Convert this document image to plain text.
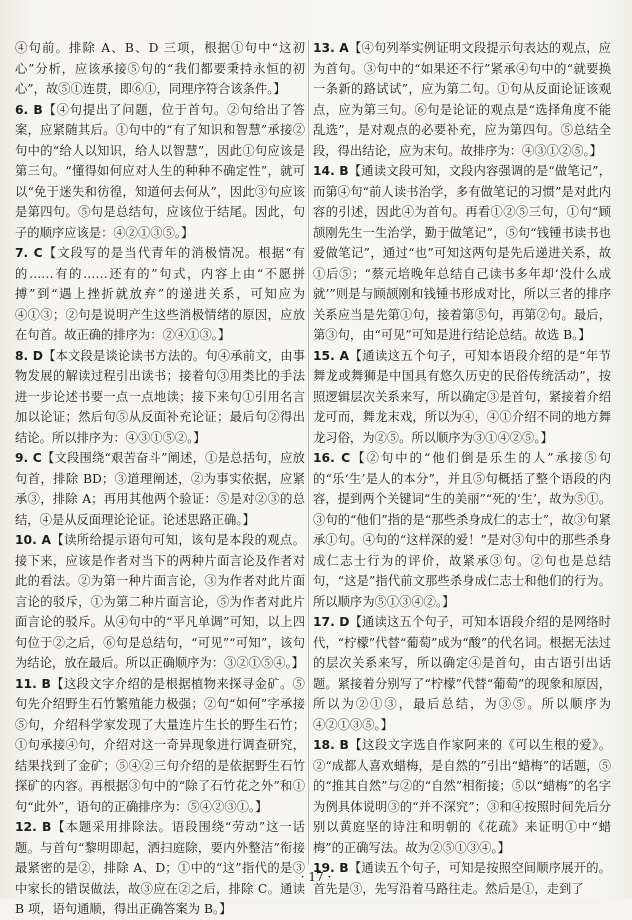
④句前。排除 A、B、D 三项，根据①句中“这初心”分析，应该承接⑤句的“我们都要秉持永恒的初心”，故⑤①连贯，即⑥①，同理序符合该条件。】
6. B【④句提出了问题，位于首句。②句给出了答案，应紧随其后。①句中的“有了知识和智慧”承接②句中的“给人以知识，给人以智慧”，因此①句应该是第三句。“懂得如何应对人生的种种不确定性”，就可以“免于迷失和彷徨，知道何去何从”，因此③句应该是第四句。⑤句是总结句，应该位于结尾。因此，句子的顺序应该是：④②①③⑤。】
7. C【文段写的是当代青年的消极情况。根据“有的……有的……还有的”句式，内容上由“不愿拼搏”到“遇上挫折就放弃”的递进关系，可知应为④①③；②句是说明产生这些消极情绪的原因，应放在句首。故正确的排序为：②④①③。】
8. D【本文段是谈论读书方法的。句④承前文，由事物发展的解读过程引出读书；接着句③用类比的手法进一步论述书要一点一点地读；接下来句①引用名言加以论证；然后句⑤从反面补充论证；最后句②得出结论。所以排序为：④③①⑤②。】
9. C【文段围绕“艰苦奋斗”阐述，①是总括句，应放句首，排除 BD；③道理阐述，②为事实依据，应紧承③，排除 A；再用其他两个验证：⑤是对②③的总结，④是从反面理论论证。论述思路正确。】
10. A【读所给提示语句可知，该句是本段的观点。接下来，应该是作者对当下的两种片面言论及作者对此的看法。②为第一种片面言论，③为作者对此片面言论的驳斥，①为第二种片面言论，⑤为作者对此片面言论的驳斥。从④句中的“平凡单调”可知，以上四句位于②之后，⑥句是总结句，“可见”“可知”，该句为结论，放在最后。所以正确顺序为：③②①⑤④。】
11. B【这段文字介绍的是根据植物来探寻金矿。⑤句先介绍野生石竹繁殖能力极强；②句“如何”字承接⑤句，介绍科学家发现了大量连片生长的野生石竹；①句承接④句，介绍对这一奇异现象进行调查研究，结果找到了金矿；⑤④②三句介绍的是依据野生石竹探矿的内容。再根据③句中的“除了石竹花之外”和①句“此外”，语句的正确排序为：⑤④②③①。】
12. B【本题采用排除法。语段围绕“劳动”这一话题。与首句“黎明即起，洒扫庭除，要内外整洁”衔接最紧密的是②，排除 A、D；①中的“这”指代的是③中家长的错误做法，故③应在②之后，排除 C。通读 B 项，语句通顺，得出正确答案为 B。】
13. A【④句列举实例证明文段提示句表达的观点，应为首句。③句中的“如果还不行”紧承④句中的“就要换一条新的路试试”，应为第二句。①句从反面论证该观点，应为第三句。⑥句是论证的观点是“选择角度不能乱选”，是对观点的必要补充，应为第四句。⑤总结全段，得出结论，应为末句。故排序为：④③①②⑤。】
14. B【通读文段可知，文段内容强调的是“做笔记”，而第④句“前人读书治学，多有做笔记的习惯”是对此内容的引述，因此④为首句。再看①②⑤三句，①句“顾颉刚先生一生治学，勤于做笔记”，⑤句“钱锺书读书也爱做笔记”，通过“也”可知这两句是先后递进关系，故①后⑤；“蔡元培晚年总结自己读书多年却‘没什么成就’”则是与顾颉刚和钱锺书形成对比，所以三者的排序关系应当是先第①句，接着第⑤句，再第②句。最后，第③句，由“可见”可知是进行结论总结。故选 B。】
15. A【通读这五个句子，可知本语段介绍的是“年节舞龙或舞狮是中国具有悠久历史的民俗传统活动”，按照逻辑层次关系来写，所以确定③是首句，紧接着介绍龙可而，舞龙末戏，所以为④，④①介绍不同的地方舞龙习俗，为②⑤。所以顺序为③①④②⑤。】
16. C【②句中的“他们倒是乐生的人”承接⑤句的“乐‘生’是人的本分”，并且⑤句概括了整个语段的内容，提到两个关键词“生的美丽”“死的‘生’，故为⑤①。③句的“他们”指的是“那些杀身成仁的志士”，故③句紧承①句。④句的“这样深的爱！”是对③句中的那些杀身成仁志士行为的评价，故紧承③句。②句也是总结句，“这是”指代前文那些杀身成仁志士和他们的行为。所以顺序为⑤①③④②。】
17. D【通读这五个句子，可知本语段介绍的是网络时代，“柠檬”代替“葡萄”成为“酸”的代名词。根据无法过的层次关系来写，所以确定④是首句，由古语引出话题。紧接着分别写了“柠檬”代替“葡萄”的现象和原因，所以为②①③，最后总结，为③⑤。所以顺序为④②①③⑤。】
18. B【这段文字选自作家阿来的《可以生根的爱》。②“成都人喜欢蜡梅，是自然的”引出“蜡梅”的话题，⑤的“推其自然”与②的“自然”相衔接；⑤以“蜡梅”的名字为例具体说明③的“并不深究”；③和④按照时间先后分别以黄庭坚的诗注和明朝的《花疏》来证明①中“蜡梅”的正确写法。故为②⑤①③④。】
19. B【通读五个句子，可知是按照空间顺序展开的。首先是③，先写沿着马路往走。然后是①，走到了
· 17 ·
